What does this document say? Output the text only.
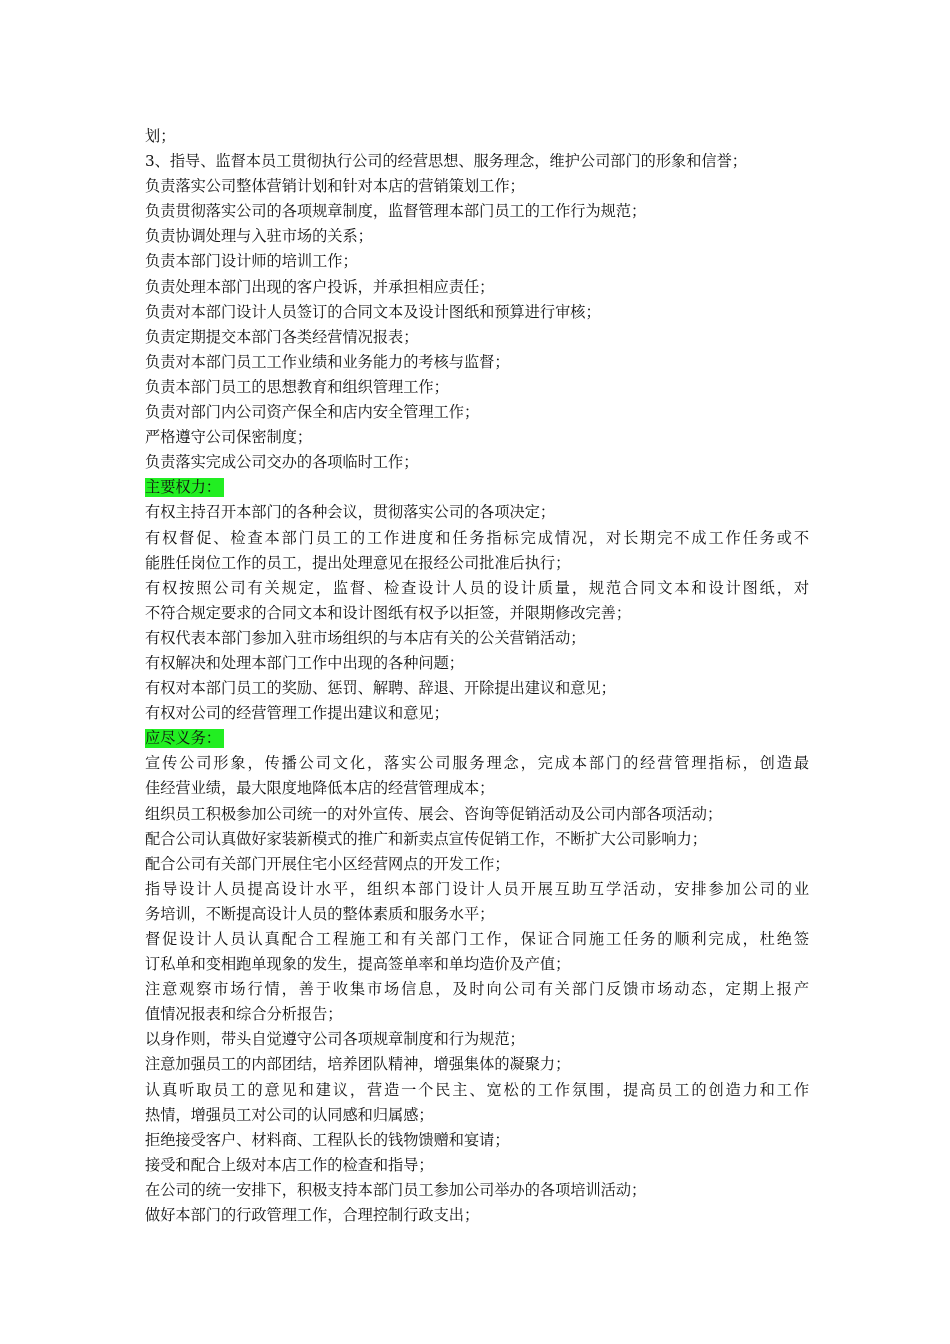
划；
3、指导、监督本员工贯彻执行公司的经营思想、服务理念，维护公司部门的形象和信誉；
负责落实公司整体营销计划和针对本店的营销策划工作；
负责贯彻落实公司的各项规章制度，监督管理本部门员工的工作行为规范；
负责协调处理与入驻市场的关系；
负责本部门设计师的培训工作；
负责处理本部门出现的客户投诉，并承担相应责任；
负责对本部门设计人员签订的合同文本及设计图纸和预算进行审核；
负责定期提交本部门各类经营情况报表；
负责对本部门员工工作业绩和业务能力的考核与监督；
负责本部门员工的思想教育和组织管理工作；
负责对部门内公司资产保全和店内安全管理工作；
严格遵守公司保密制度；
负责落实完成公司交办的各项临时工作；
主要权力：
有权主持召开本部门的各种会议，贯彻落实公司的各项决定；
有权督促、检查本部门员工的工作进度和任务指标完成情况，对长期完不成工作任务或不
能胜任岗位工作的员工，提出处理意见在报经公司批准后执行；
有权按照公司有关规定，监督、检查设计人员的设计质量，规范合同文本和设计图纸，对
不符合规定要求的合同文本和设计图纸有权予以拒签，并限期修改完善；
有权代表本部门参加入驻市场组织的与本店有关的公关营销活动；
有权解决和处理本部门工作中出现的各种问题；
有权对本部门员工的奖励、惩罚、解聘、辞退、开除提出建议和意见；
有权对公司的经营管理工作提出建议和意见；
应尽义务：
宣传公司形象，传播公司文化，落实公司服务理念，完成本部门的经营管理指标，创造最
佳经营业绩，最大限度地降低本店的经营管理成本；
组织员工积极参加公司统一的对外宣传、展会、咨询等促销活动及公司内部各项活动；
配合公司认真做好家装新模式的推广和新卖点宣传促销工作，不断扩大公司影响力；
配合公司有关部门开展住宅小区经营网点的开发工作；
指导设计人员提高设计水平，组织本部门设计人员开展互助互学活动，安排参加公司的业
务培训，不断提高设计人员的整体素质和服务水平；
督促设计人员认真配合工程施工和有关部门工作，保证合同施工任务的顺利完成，杜绝签
订私单和变相跑单现象的发生，提高签单率和单均造价及产值；
注意观察市场行情，善于收集市场信息，及时向公司有关部门反馈市场动态，定期上报产
值情况报表和综合分析报告；
以身作则，带头自觉遵守公司各项规章制度和行为规范；
注意加强员工的内部团结，培养团队精神，增强集体的凝聚力；
认真听取员工的意见和建议，营造一个民主、宽松的工作氛围，提高员工的创造力和工作
热情，增强员工对公司的认同感和归属感；
拒绝接受客户、材料商、工程队长的钱物馈赠和宴请；
接受和配合上级对本店工作的检查和指导；
在公司的统一安排下，积极支持本部门员工参加公司举办的各项培训活动；
做好本部门的行政管理工作，合理控制行政支出；
